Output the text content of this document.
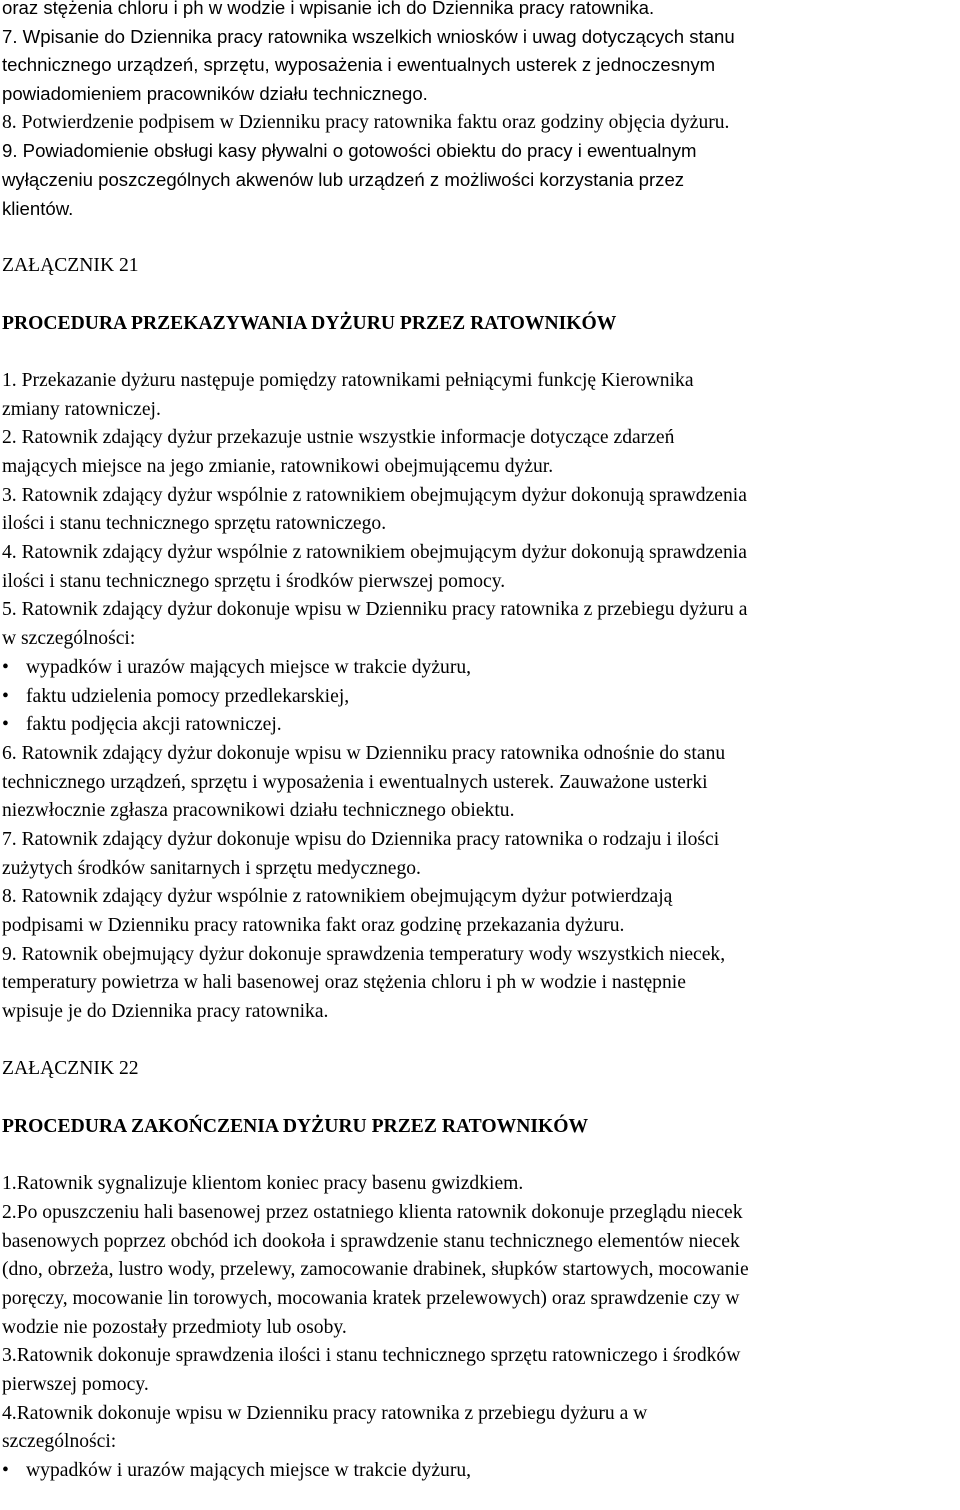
oraz stężenia chloru i ph w wodzie i wpisanie ich do Dziennika pracy ratownika.
7. Wpisanie do Dziennika pracy ratownika wszelkich wniosków i uwag dotyczących stanu
technicznego urządzeń, sprzętu, wyposażenia i ewentualnych usterek z jednoczesnym
powiadomieniem pracowników działu technicznego.
8. Potwierdzenie podpisem w Dzienniku pracy ratownika faktu oraz godziny objęcia dyżuru.
9. Powiadomienie obsługi kasy pływalni o gotowości obiektu do pracy i ewentualnym
wyłączeniu poszczególnych akwenów lub urządzeń z możliwości korzystania przez
klientów.
ZAŁĄCZNIK 21
PROCEDURA PRZEKAZYWANIA DYŻURU PRZEZ RATOWNIKÓW
1. Przekazanie dyżuru następuje pomiędzy ratownikami pełniącymi funkcję Kierownika
zmiany ratowniczej.
2. Ratownik zdający dyżur przekazuje ustnie wszystkie informacje dotyczące zdarzeń
mających miejsce na jego zmianie, ratownikowi obejmującemu dyżur.
3. Ratownik zdający dyżur wspólnie z ratownikiem obejmującym dyżur dokonują sprawdzenia
ilości i stanu technicznego sprzętu ratowniczego.
4. Ratownik zdający dyżur wspólnie z ratownikiem obejmującym dyżur dokonują sprawdzenia
ilości i stanu technicznego sprzętu i środków pierwszej pomocy.
5. Ratownik zdający dyżur dokonuje wpisu w Dzienniku pracy ratownika z przebiegu dyżuru a
w szczególności:
• wypadków i urazów mających miejsce w trakcie dyżuru,
• faktu udzielenia pomocy przedlekarskiej,
• faktu podjęcia akcji ratowniczej.
6. Ratownik zdający dyżur dokonuje wpisu w Dzienniku pracy ratownika odnośnie do stanu
technicznego urządzeń, sprzętu i wyposażenia i ewentualnych usterek. Zauważone usterki
niezwłocznie zgłasza pracownikowi działu technicznego obiektu.
7. Ratownik zdający dyżur dokonuje wpisu do Dziennika pracy ratownika o rodzaju i ilości
zużytych środków sanitarnych i sprzętu medycznego.
8. Ratownik zdający dyżur wspólnie z ratownikiem obejmującym dyżur potwierdzają
podpisami w Dzienniku pracy ratownika fakt oraz godzinę przekazania dyżuru.
9. Ratownik obejmujący dyżur dokonuje sprawdzenia temperatury wody wszystkich niecek,
temperatury powietrza w hali basenowej oraz stężenia chloru i ph w wodzie i następnie
wpisuje je do Dziennika pracy ratownika.
ZAŁĄCZNIK 22
PROCEDURA ZAKOŃCZENIA DYŻURU PRZEZ RATOWNIKÓW
1.Ratownik sygnalizuje klientom koniec pracy basenu gwizdkiem.
2.Po opuszczeniu hali basenowej przez ostatniego klienta ratownik dokonuje przeglądu niecek
basenowych poprzez obchód ich dookoła i sprawdzenie stanu technicznego elementów niecek
(dno, obrzeża, lustro wody, przelewy, zamocowanie drabinek, słupków startowych, mocowanie
poręczy, mocowanie lin torowych, mocowania kratek przelewowych) oraz sprawdzenie czy w
wodzie nie pozostały przedmioty lub osoby.
3.Ratownik dokonuje sprawdzenia ilości i stanu technicznego sprzętu ratowniczego i środków
pierwszej pomocy.
4.Ratownik dokonuje wpisu w Dzienniku pracy ratownika z przebiegu dyżuru a w
szczególności:
• wypadków i urazów mających miejsce w trakcie dyżuru,
